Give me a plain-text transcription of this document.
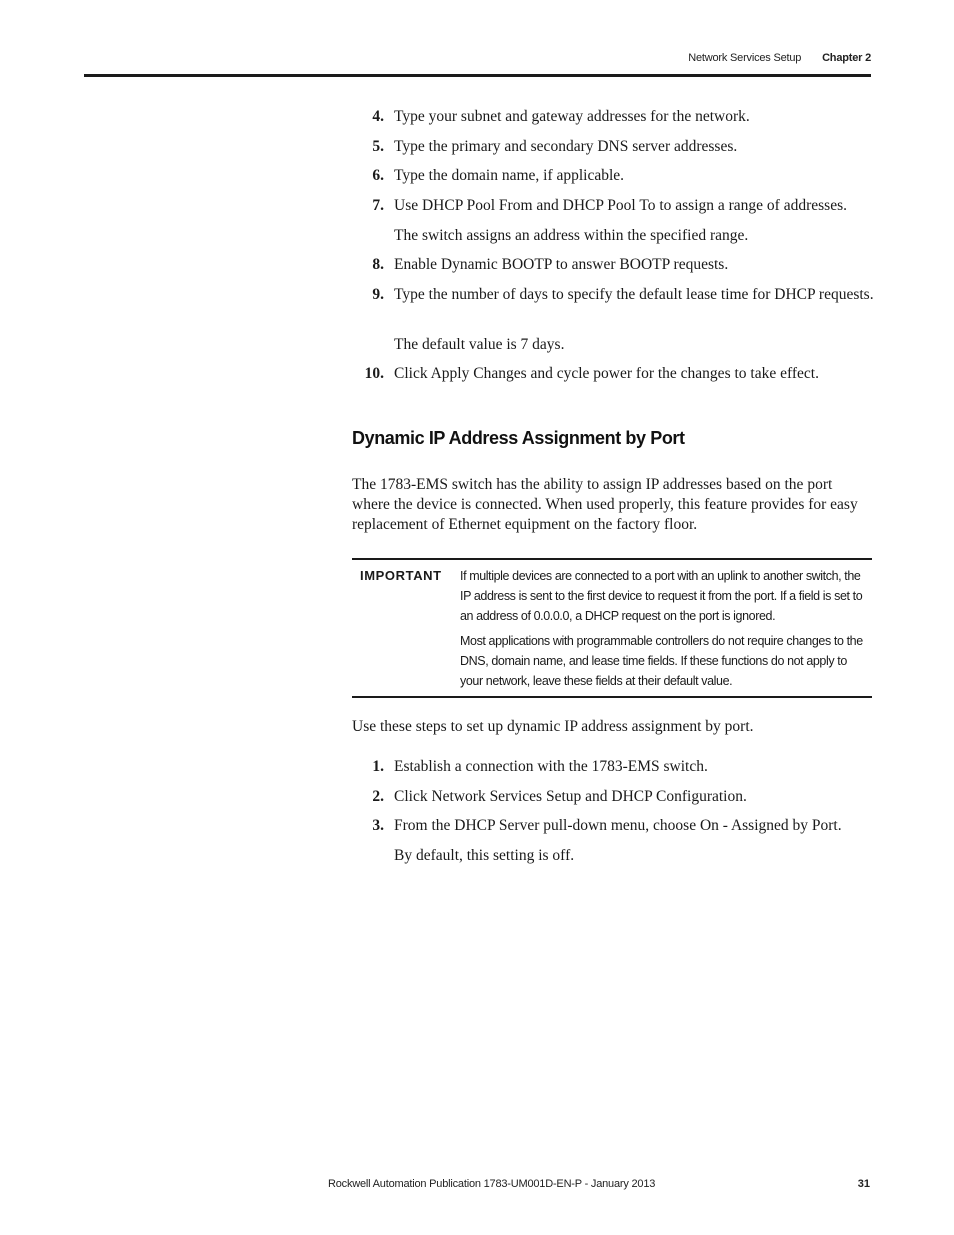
Network Services Setup Chapter 2
4. Type your subnet and gateway addresses for the network.
5. Type the primary and secondary DNS server addresses.
6. Type the domain name, if applicable.
7. Use DHCP Pool From and DHCP Pool To to assign a range of addresses.
The switch assigns an address within the specified range.
8. Enable Dynamic BOOTP to answer BOOTP requests.
9. Type the number of days to specify the default lease time for DHCP requests.
The default value is 7 days.
10. Click Apply Changes and cycle power for the changes to take effect.
Dynamic IP Address Assignment by Port
The 1783-EMS switch has the ability to assign IP addresses based on the port where the device is connected. When used properly, this feature provides for easy replacement of Ethernet equipment on the factory floor.
IMPORTANT If multiple devices are connected to a port with an uplink to another switch, the IP address is sent to the first device to request it from the port. If a field is set to an address of 0.0.0.0, a DHCP request on the port is ignored.
Most applications with programmable controllers do not require changes to the DNS, domain name, and lease time fields. If these functions do not apply to your network, leave these fields at their default value.
Use these steps to set up dynamic IP address assignment by port.
1. Establish a connection with the 1783-EMS switch.
2. Click Network Services Setup and DHCP Configuration.
3. From the DHCP Server pull-down menu, choose On - Assigned by Port.
By default, this setting is off.
Rockwell Automation Publication 1783-UM001D-EN-P - January 2013	31
